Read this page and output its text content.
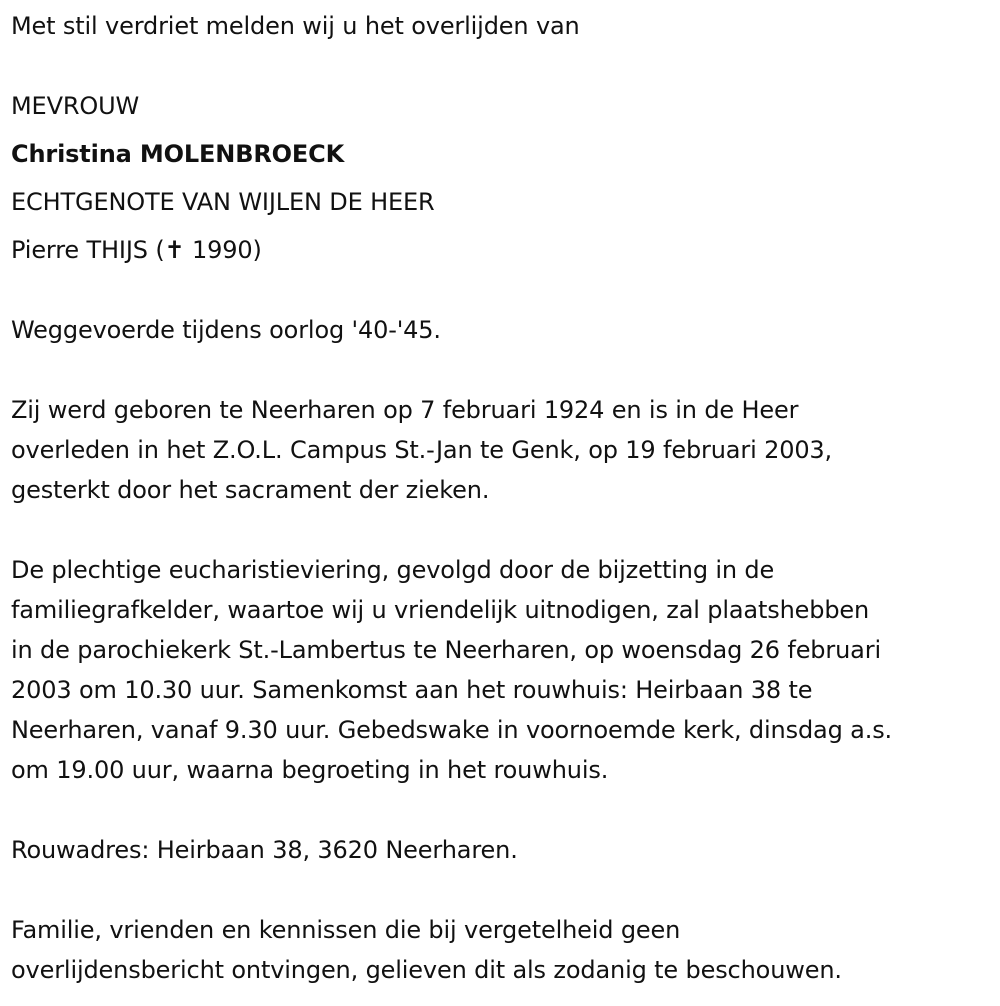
Met stil verdriet melden wij u het overlijden van
MEVROUW
Christina MOLENBROECK
ECHTGENOTE VAN WIJLEN DE HEER
Pierre THIJS (✝ 1990)
Weggevoerde tijdens oorlog '40-'45.
Zij werd geboren te Neerharen op 7 februari 1924 en is in de Heer
overleden in het Z.O.L. Campus St.-Jan te Genk, op 19 februari 2003,
gesterkt door het sacrament der zieken.
De plechtige eucharistieviering, gevolgd door de bijzetting in de
familiegrafkelder, waartoe wij u vriendelijk uitnodigen, zal plaatshebben
in de parochiekerk St.-Lambertus te Neerharen, op woensdag 26 februari
2003 om 10.30 uur. Samenkomst aan het rouwhuis: Heirbaan 38 te
Neerharen, vanaf 9.30 uur. Gebedswake in voornoemde kerk, dinsdag a.s.
om 19.00 uur, waarna begroeting in het rouwhuis.
Rouwadres: Heirbaan 38, 3620 Neerharen.
Familie, vrienden en kennissen die bij vergetelheid geen
overlijdensbericht ontvingen, gelieven dit als zodanig te beschouwen.
